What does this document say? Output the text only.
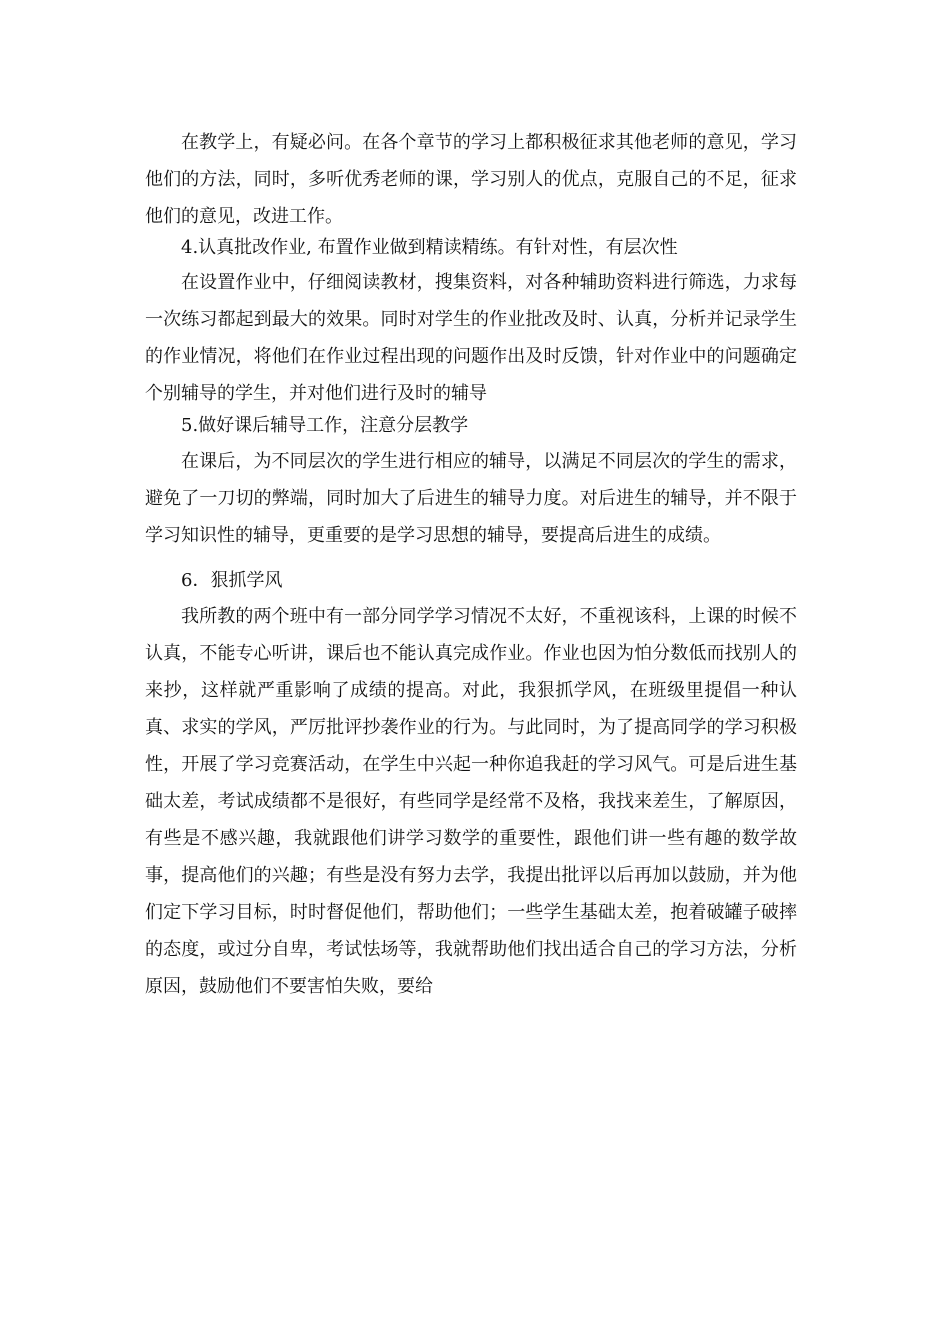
在教学上，有疑必问。在各个章节的学习上都积极征求其他老师的意见，学习他们的方法，同时，多听优秀老师的课，学习别人的优点，克服自己的不足，征求他们的意见，改进工作。

4.认真批改作业, 布置作业做到精读精练。有针对性，有层次性

在设置作业中，仔细阅读教材，搜集资料，对各种辅助资料进行筛选，力求每一次练习都起到最大的效果。同时对学生的作业批改及时、认真，分析并记录学生的作业情况，将他们在作业过程出现的问题作出及时反馈，针对作业中的问题确定个别辅导的学生，并对他们进行及时的辅导

5.做好课后辅导工作，注意分层教学

在课后，为不同层次的学生进行相应的辅导，以满足不同层次的学生的需求，避免了一刀切的弊端，同时加大了后进生的辅导力度。对后进生的辅导，并不限于学习知识性的辅导，更重要的是学习思想的辅导，要提高后进生的成绩。

6．狠抓学风

我所教的两个班中有一部分同学学习情况不太好，不重视该科，上课的时候不认真，不能专心听讲，课后也不能认真完成作业。作业也因为怕分数低而找别人的来抄，这样就严重影响了成绩的提高。对此，我狠抓学风，在班级里提倡一种认真、求实的学风，严厉批评抄袭作业的行为。与此同时，为了提高同学的学习积极性，开展了学习竞赛活动，在学生中兴起一种你追我赶的学习风气。可是后进生基础太差，考试成绩都不是很好，有些同学是经常不及格，我找来差生，了解原因，有些是不感兴趣，我就跟他们讲学习数学的重要性，跟他们讲一些有趣的数学故事，提高他们的兴趣；有些是没有努力去学，我提出批评以后再加以鼓励，并为他们定下学习目标，时时督促他们，帮助他们；一些学生基础太差，抱着破罐子破摔的态度，或过分自卑，考试怯场等，我就帮助他们找出适合自己的学习方法，分析原因，鼓励他们不要害怕失败，要给
